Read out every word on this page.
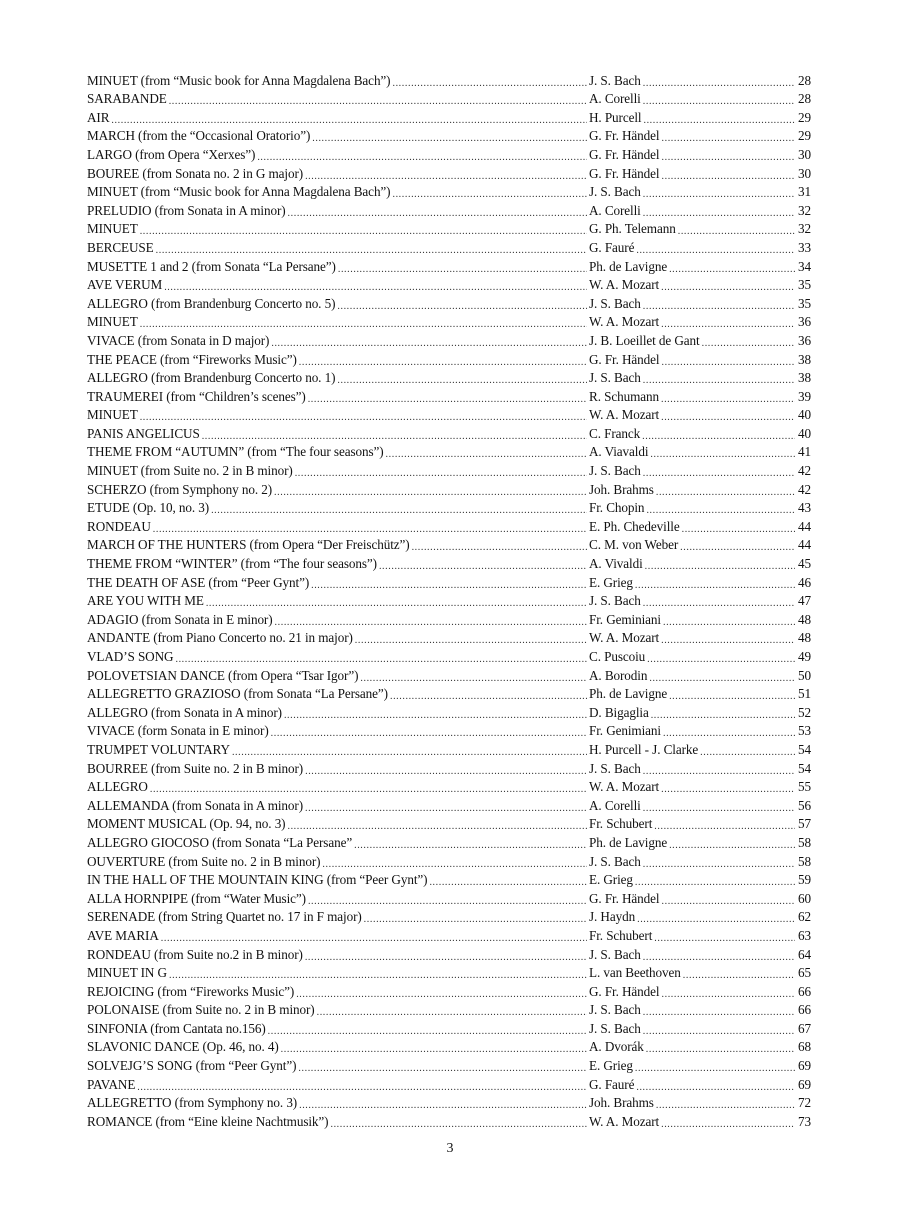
MINUET (from “Music book for Anna Magdalena Bach”) .....	J. S. Bach .....	28
SARABANDE .....	A. Corelli .....	28
AIR .....	H. Purcell .....	29
MARCH (from the “Occasional Oratorio”) .....	G. Fr. Händel .....	29
LARGO (from Opera “Xerxes”) .....	G. Fr. Händel .....	30
BOUREE (from Sonata no. 2 in G major) .....	G. Fr. Händel .....	30
MINUET (from “Music book for Anna Magdalena Bach”) .....	J. S. Bach .....	31
PRELUDIO (from Sonata in A minor) .....	A. Corelli .....	32
MINUET .....	G. Ph. Telemann .....	32
BERCEUSE .....	G. Fauré .....	33
MUSETTE 1 and 2 (from Sonata “La Persane”) .....	Ph. de Lavigne .....	34
AVE VERUM .....	W. A. Mozart .....	35
ALLEGRO (from Brandenburg Concerto no. 5) .....	J. S. Bach .....	35
MINUET .....	W. A. Mozart .....	36
VIVACE (from Sonata in D major) .....	J. B. Loeillet de Gant .....	36
THE PEACE (from “Fireworks Music”) .....	G. Fr. Händel .....	38
ALLEGRO (from Brandenburg Concerto no. 1) .....	J. S. Bach .....	38
TRAUMEREI (from “Children’s scenes”) .....	R. Schumann .....	39
MINUET .....	W. A. Mozart .....	40
PANIS ANGELICUS .....	C. Franck .....	40
THEME FROM “AUTUMN” (from “The four seasons”) .....	A. Viavaldi .....	41
MINUET (from Suite no. 2 in B minor) .....	J. S. Bach .....	42
SCHERZO (from Symphony no. 2) .....	Joh. Brahms .....	42
ETUDE (Op. 10, no. 3) .....	Fr. Chopin .....	43
RONDEAU .....	E. Ph. Chedeville .....	44
MARCH OF THE HUNTERS (from Opera “Der Freischütz”) .....	C. M. von Weber .....	44
THEME FROM “WINTER” (from “The four seasons”) .....	A. Vivaldi .....	45
THE DEATH OF ASE (from “Peer Gynt”) .....	E. Grieg .....	46
ARE YOU WITH ME .....	J. S. Bach .....	47
ADAGIO (from Sonata in E minor) .....	Fr. Geminiani .....	48
ANDANTE (from Piano Concerto no. 21 in major) .....	W. A. Mozart .....	48
VLAD’S SONG .....	C. Puscoiu .....	49
POLOVETSIAN DANCE (from Opera “Tsar Igor”) .....	A. Borodin .....	50
ALLEGRETTO GRAZIOSO (from Sonata “La Persane”) .....	Ph. de Lavigne .....	51
ALLEGRO (from Sonata in A minor) .....	D. Bigaglia .....	52
VIVACE (form Sonata in E minor) .....	Fr. Genimiani .....	53
TRUMPET VOLUNTARY .....	H. Purcell - J. Clarke .....	54
BOURREE (from Suite no. 2 in B minor) .....	J. S. Bach .....	54
ALLEGRO .....	W. A. Mozart .....	55
ALLEMANDA (from Sonata in A minor) .....	A. Corelli .....	56
MOMENT MUSICAL (Op. 94, no. 3) .....	Fr. Schubert .....	57
ALLEGRO GIOCOSO (from Sonata “La Persane” .....	Ph. de Lavigne .....	58
OUVERTURE (from Suite no. 2 in B minor) .....	J. S. Bach .....	58
IN THE HALL OF THE MOUNTAIN KING (from “Peer Gynt”) .....	E. Grieg .....	59
ALLA HORNPIPE (from “Water Music”) .....	G. Fr. Händel .....	60
SERENADE (from String Quartet no. 17 in F major) .....	J. Haydn .....	62
AVE MARIA .....	Fr. Schubert .....	63
RONDEAU (from Suite no.2 in B minor) .....	J. S. Bach .....	64
MINUET IN G .....	L. van Beethoven .....	65
REJOICING (from “Fireworks Music”) .....	G. Fr. Händel .....	66
POLONAISE (from Suite no. 2 in B minor) .....	J. S. Bach .....	66
SINFONIA (from Cantata no.156) .....	J. S. Bach .....	67
SLAVONIC DANCE (Op. 46, no. 4) .....	A. Dvorák .....	68
SOLVEJG’S SONG (from “Peer Gynt”) .....	E. Grieg .....	69
PAVANE .....	G. Fauré .....	69
ALLEGRETTO (from Symphony no. 3) .....	Joh. Brahms .....	72
ROMANCE (from “Eine kleine Nachtmusik”) .....	W. A. Mozart .....	73
3
